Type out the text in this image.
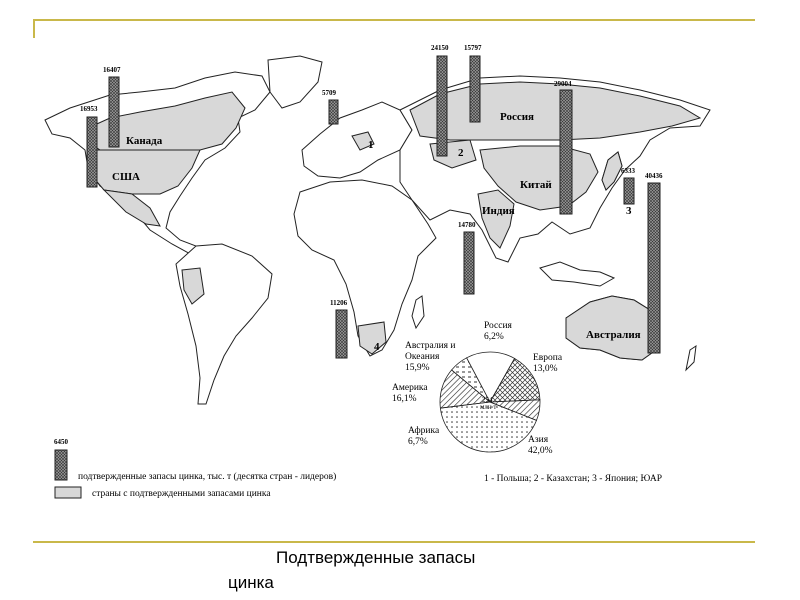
Канада
США
Россия
Китай
Индия
Австралия
1
2
3
4
16953
16407
5709
24150 15797
29004
6333
40436
14780
11206
Азия
42,0%
Европа
13,0%
Россия
6,2%
Австралия и
Океания
15,9%
Америка
16,1%
Африка
6,7%
254
млн т
6450
подтвержденные запасы цинка, тыс. т (десятка стран - лидеров)
страны с подтвержденными запасами цинка
1 - Польша; 2 - Казахстан; 3 - Япония; ЮАР
Подтвержденные запасы
цинка
